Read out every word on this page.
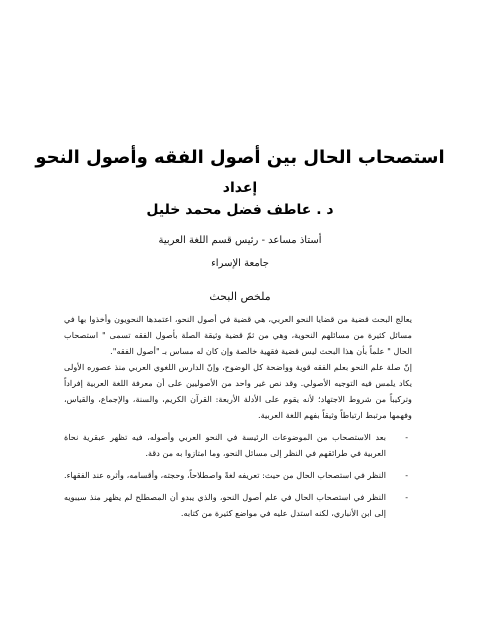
استصحاب الحال بين أصول الفقه وأصول النحو
إعداد
د . عاطف فضل محمد خليل
أستاذ مساعد - رئيس قسم اللغة العربية
جامعة الإسراء
ملخص البحث

يعالج البحث قضية من قضايا النحو العربي، هي قضية في أصول النحو، اعتمدها النحويون وأخذوا بها في مسائل كثيرة من مسائلهم النحوية، وهي من ثمّ قضية وثيقة الصلة بأصول الفقه تسمى " استصحاب الحال " علماً بأن هذا البحث ليس قضية فقهية خالصة وإن كان له مساس بـ "أصول الفقه".

إنّ صلة علم النحو بعلم الفقه قوية وواضحة كل الوضوح، وإنّ الدارس اللغوي العربي منذ عصوره الأولى يكاد يلمس فيه التوجيه الأصولي. وقد نص غير واحد من الأصوليين على أن معرفة اللغة العربية إفراداً وتركيباً من شروط الاجتهاد؛ لأنه يقوم على الأدلة الأربعة: القرآن الكريم، والسنة، والإجماع، والقياس، وفهمها مرتبط ارتباطاً وثيقاً بفهم اللغة العربية.

-
بعد الاستصحاب من الموضوعات الرئيسة في النحو العربي وأصوله، فيه تظهر عبقرية نحاة العربية في طرائقهم في النظر إلى مسائل النحو، وما امتازوا به من دقة.
-
النظر في استصحاب الحال من حيث: تعريفه لغةً واصطلاحاً، وحجته، وأقسامه، وأثره عند الفقهاء.
-
النظر في استصحاب الحال في علم أصول النحو، والذي يبدو أن المصطلح لم يظهر منذ سيبويه إلى ابن الأنباري، لكنه استدل عليه في مواضع كثيرة من كتابه.
